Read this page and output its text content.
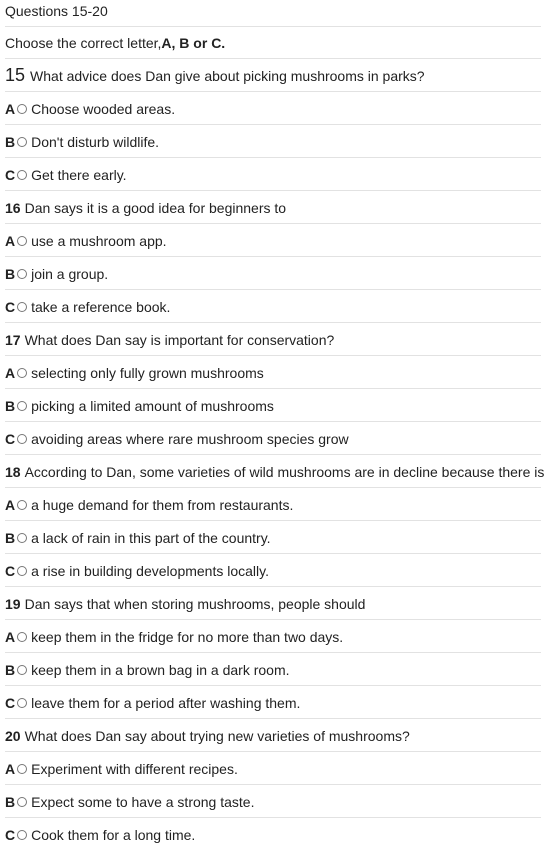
Questions 15-20
Choose the correct letter, A, B or C.
15 What advice does Dan give about picking mushrooms in parks?
A Choose wooded areas.
B Don't disturb wildlife.
C Get there early.
16 Dan says it is a good idea for beginners to
A use a mushroom app.
B join a group.
C take a reference book.
17 What does Dan say is important for conservation?
A selecting only fully grown mushrooms
B picking a limited amount of mushrooms
C avoiding areas where rare mushroom species grow
18 According to Dan, some varieties of wild mushrooms are in decline because there is
A a huge demand for them from restaurants.
B a lack of rain in this part of the country.
C a rise in building developments locally.
19 Dan says that when storing mushrooms, people should
A keep them in the fridge for no more than two days.
B keep them in a brown bag in a dark room.
C leave them for a period after washing them.
20 What does Dan say about trying new varieties of mushrooms?
A Experiment with different recipes.
B Expect some to have a strong taste.
C Cook them for a long time.
